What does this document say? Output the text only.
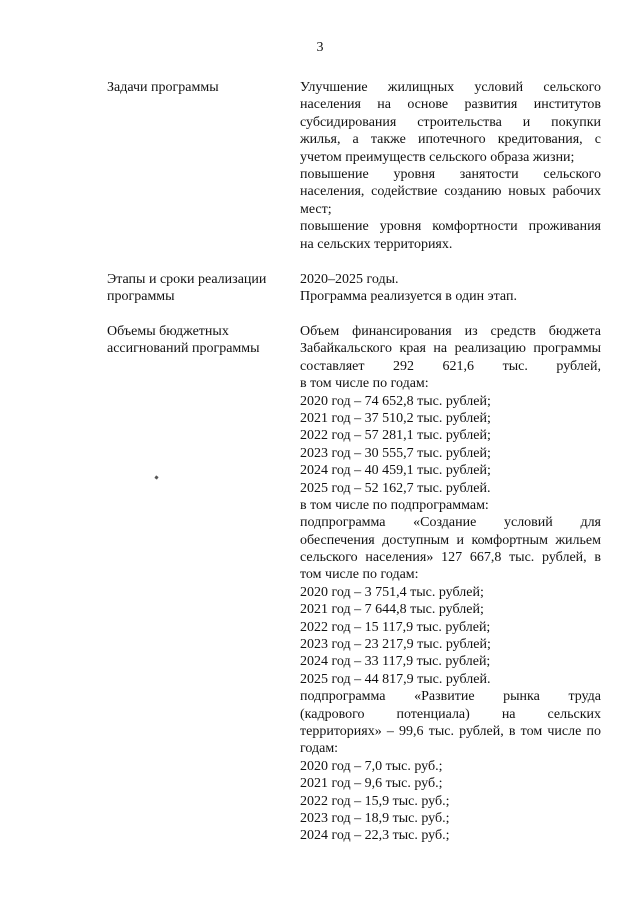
3
Задачи программы	Улучшение жилищных условий сельского
населения на основе развития институтов
субсидирования строительства и покупки
жилья, а также ипотечного кредитования, с
учетом преимуществ сельского образа жизни;
повышение уровня занятости сельского
населения, содействие созданию новых рабочих
мест;
повышение уровня комфортности проживания
на сельских территориях.
Этапы и сроки реализации
программы
2020–2025 годы.
Программа реализуется в один этап.
Объемы бюджетных
ассигнований программы
Объем финансирования из средств бюджета
Забайкальского края на реализацию программы
составляет 292 621,6 тыс. рублей,
в том числе по годам:
2020 год – 74 652,8 тыс. рублей;
2021 год – 37 510,2 тыс. рублей;
2022 год – 57 281,1 тыс. рублей;
2023 год – 30 555,7 тыс. рублей;
2024 год – 40 459,1 тыс. рублей;
2025 год – 52 162,7 тыс. рублей.
в том числе по подпрограммам:
подпрограмма «Создание условий для
обеспечения доступным и комфортным жильем
сельского населения» 127 667,8 тыс. рублей, в
том числе по годам:
2020 год – 3 751,4 тыс. рублей;
2021 год – 7 644,8 тыс. рублей;
2022 год – 15 117,9 тыс. рублей;
2023 год – 23 217,9 тыс. рублей;
2024 год – 33 117,9 тыс. рублей;
2025 год – 44 817,9 тыс. рублей.
подпрограмма «Развитие рынка труда
(кадрового потенциала) на сельских
территориях» – 99,6 тыс. рублей, в том числе по
годам:
2020 год – 7,0 тыс. руб.;
2021 год – 9,6 тыс. руб.;
2022 год – 15,9 тыс. руб.;
2023 год – 18,9 тыс. руб.;
2024 год – 22,3 тыс. руб.;
